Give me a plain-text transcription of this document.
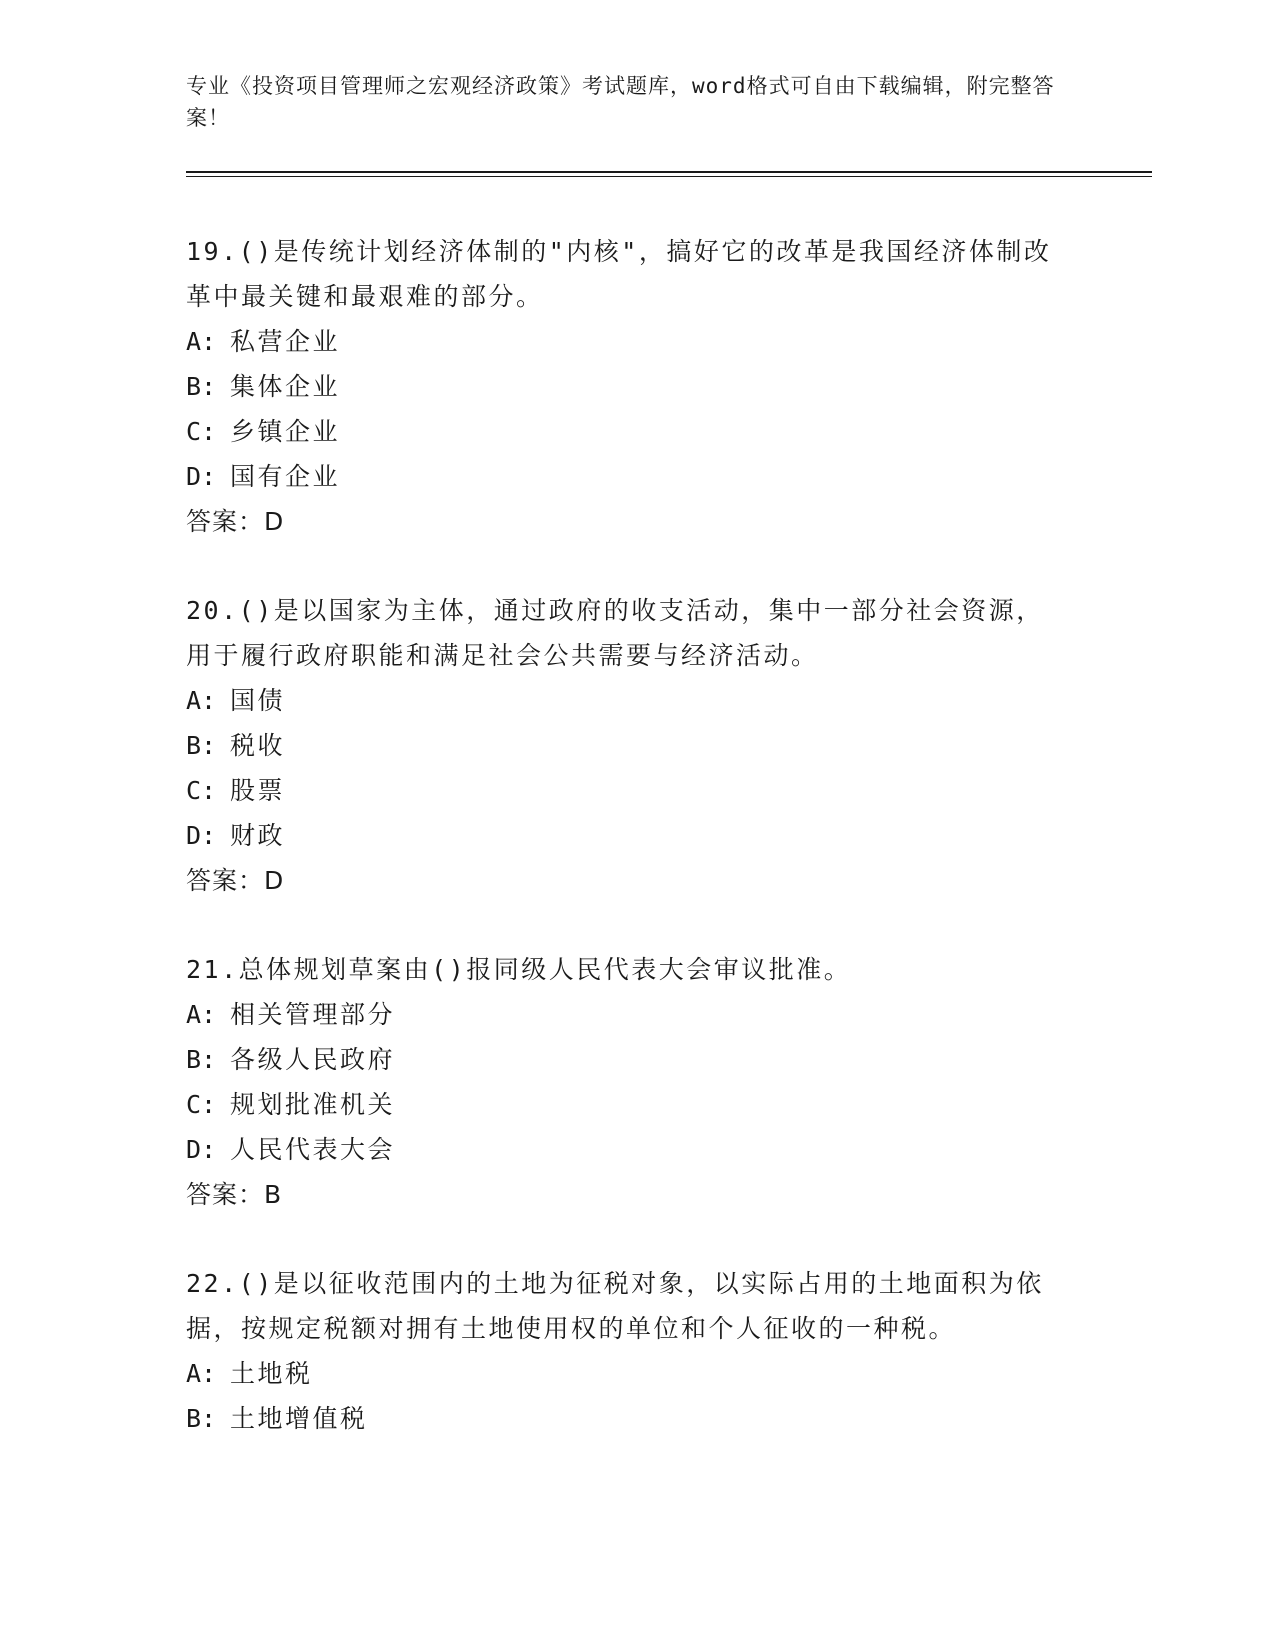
专业《投资项目管理师之宏观经济政策》考试题库，word格式可自由下载编辑，附完整答案！

19.()是传统计划经济体制的"内核"，搞好它的改革是我国经济体制改革中最关键和最艰难的部分。

A: 私营企业

B: 集体企业

C: 乡镇企业

D: 国有企业

答案：D

20.()是以国家为主体，通过政府的收支活动，集中一部分社会资源，用于履行政府职能和满足社会公共需要与经济活动。

A: 国债

B: 税收

C: 股票

D: 财政

答案：D

21.总体规划草案由()报同级人民代表大会审议批准。

A: 相关管理部分

B: 各级人民政府

C: 规划批准机关

D: 人民代表大会

答案：B

22.()是以征收范围内的土地为征税对象，以实际占用的土地面积为依据，按规定税额对拥有土地使用权的单位和个人征收的一种税。

A: 土地税

B: 土地增值税
